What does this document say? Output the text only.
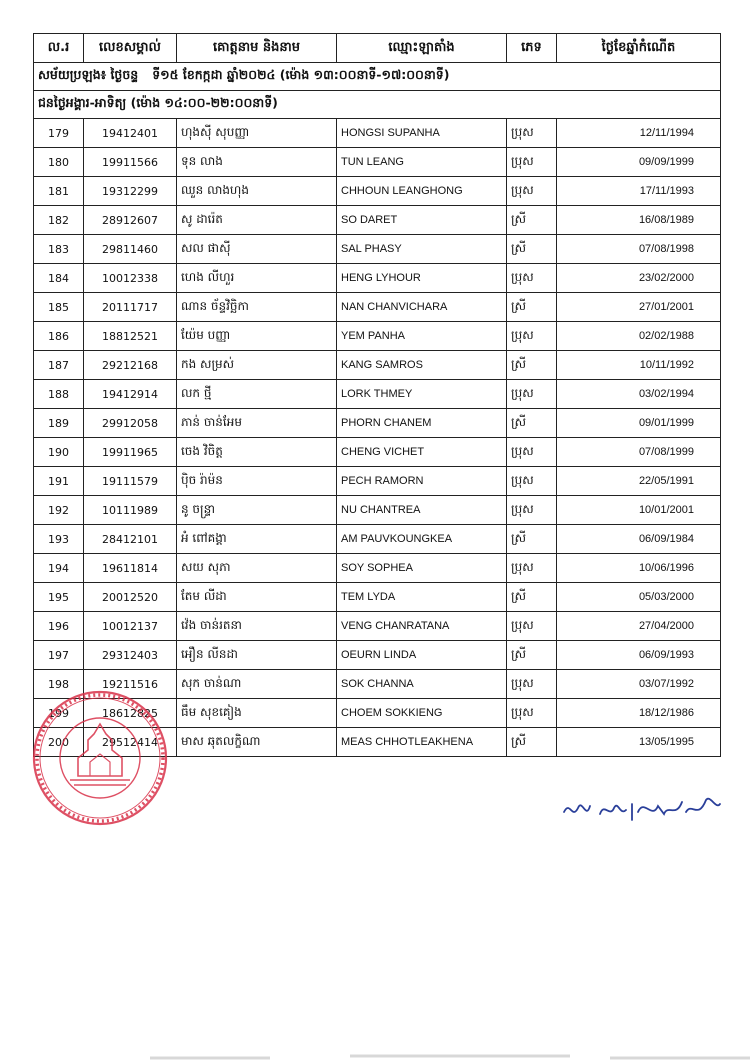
ល.រ	លេខសម្គាល់	គោត្តនាម និងនាម	ឈ្មោះឡាតាំង	ភេទ	ថ្ងៃខែឆ្នាំកំណើត
សម័យប្រឡង៖ ថ្ងៃចន្ទ ទី១៥ ខែកក្កដា ឆ្នាំ២០២៤ (ម៉ោង ១៣:០០នាទី-១៧:០០នាទី)					
ជនថ្ងៃអង្គារ-អាទិត្យ (ម៉ោង ១៤:០០-២២:០០នាទី)					
179	19412401	ហុងស៊ី សុបញ្ញា	HONGSI SUPANHA	ប្រុស	12/11/1994
180	19911566	ទុន លាង	TUN LEANG	ប្រុស	09/09/1999
181	19312299	ឈួន លាងហុង	CHHOUN LEANGHONG	ប្រុស	17/11/1993
182	28912607	សូ ដារ៉េត	SO DARET	ស្រី	16/08/1989
183	29811460	សល ផាស៊ី	SAL PHASY	ស្រី	07/08/1998
184	10012338	ហេង លីហួរ	HENG LYHOUR	ប្រុស	23/02/2000
185	20111717	ណាន ច័ន្ទវិច្ឆិកា	NAN CHANVICHARA	ស្រី	27/01/2001
186	18812521	យ៉ែម បញ្ញា	YEM PANHA	ប្រុស	02/02/1988
187	29212168	កង សម្រស់	KANG SAMROS	ស្រី	10/11/1992
188	19412914	លក ថ្មី	LORK THMEY	ប្រុស	03/02/1994
189	29912058	ភាន់ ចាន់អែម	PHORN CHANEM	ស្រី	09/01/1999
190	19911965	ចេង វិចិត្ត	CHENG VICHET	ប្រុស	07/08/1999
191	19111579	ប៉ិច រ៉ាម៉ន	PECH RAMORN	ប្រុស	22/05/1991
192	10111989	នូ ចន្ទ្រា	NU CHANTREA	ប្រុស	10/01/2001
193	28412101	អំ ពៅគង្គា	AM PAUVKOUNGKEA	ស្រី	06/09/1984
194	19611814	សយ សុភា	SOY SOPHEA	ប្រុស	10/06/1996
195	20012520	តែម លីដា	TEM LYDA	ស្រី	05/03/2000
196	10012137	វ៉េង ចាន់រតនា	VENG CHANRATANA	ប្រុស	27/04/2000
197	29312403	អឿន លីនដា	OEURN LINDA	ស្រី	06/09/1993
198	19211516	សុក ចាន់ណា	SOK CHANNA	ប្រុស	03/07/1992
199	18612825	ធឹម សុខគៀង	CHOEM SOKKIENG	ប្រុស	18/12/1986
200	29512414	មាស ឆុតលក្ខិណា	MEAS CHHOTLEAKHENA	ស្រី	13/05/1995
